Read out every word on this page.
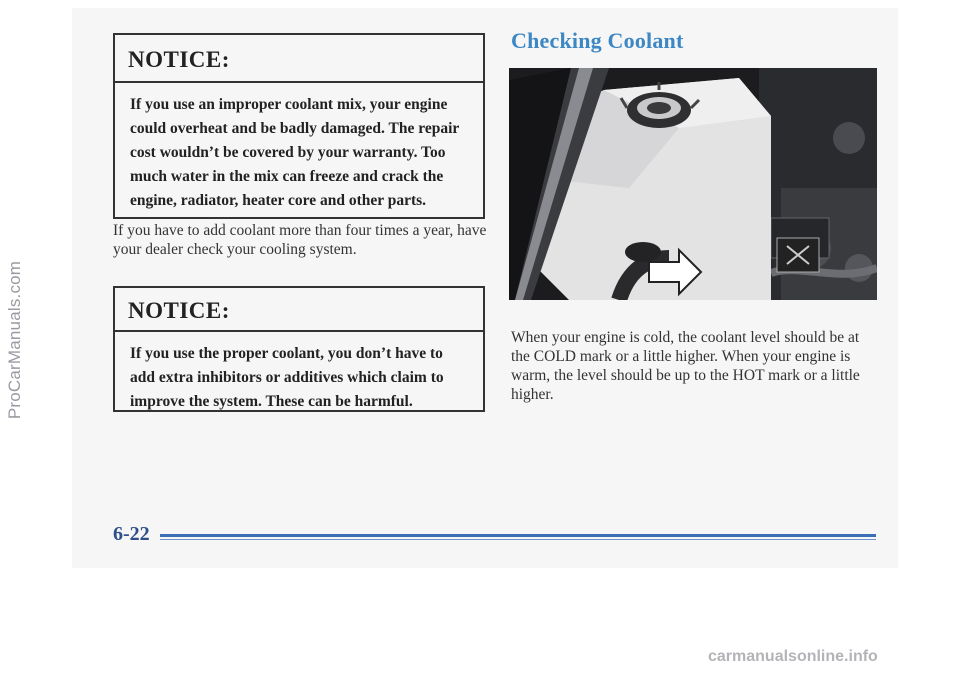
ProCarManuals.com
NOTICE:
If you use an improper coolant mix, your engine could overheat and be badly damaged. The repair cost wouldn’t be covered by your warranty. Too much water in the mix can freeze and crack the engine, radiator, heater core and other parts.
If you have to add coolant more than four times a year, have your dealer check your cooling system.
NOTICE:
If you use the proper coolant, you don’t have to add extra inhibitors or additives which claim to improve the system. These can be harmful.
Checking Coolant
When your engine is cold, the coolant level should be at the COLD mark or a little higher. When your engine is warm, the level should be up to the HOT mark or a little higher.
6-22
carmanualsonline.info
